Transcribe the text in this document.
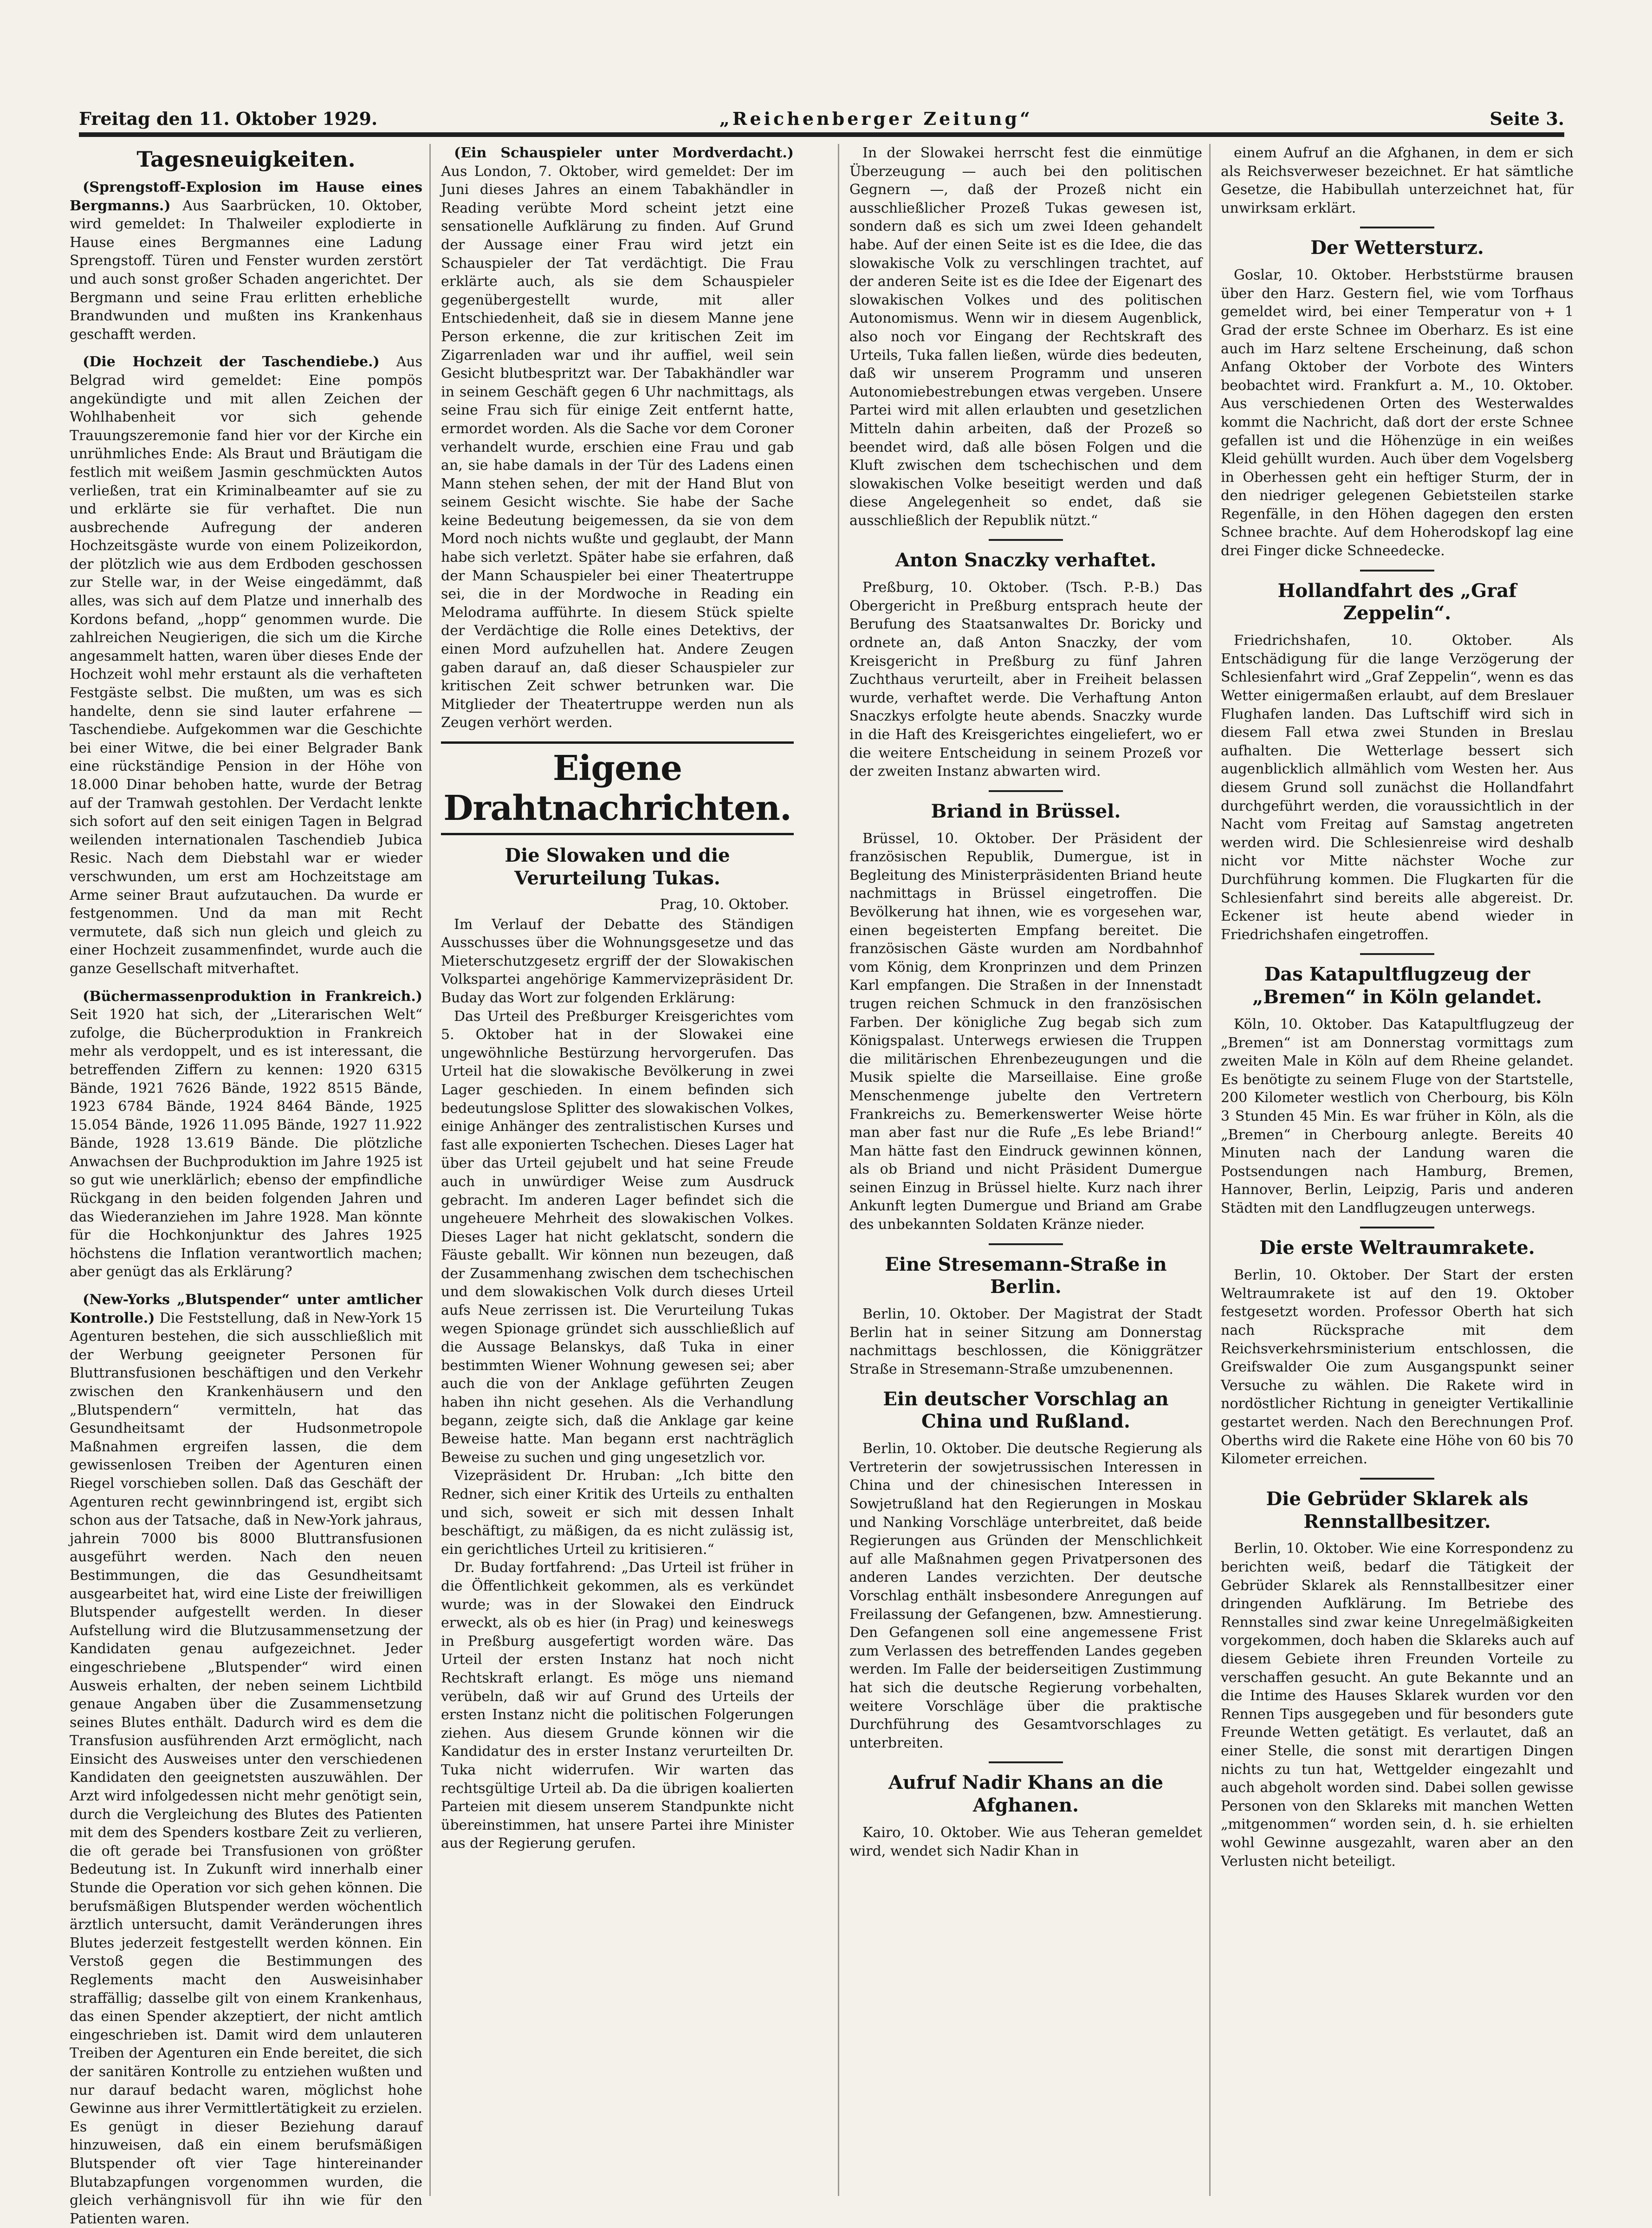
Freitag den 11. Oktober 1929.	„Reichenberger Zeitung“	Seite 3.
Tagesneuigkeiten.

(Sprengstoff-Explosion im Hause eines Bergmanns.) Aus Saarbrücken, 10. Oktober, wird gemeldet: In Thalweiler explodierte in Hause eines Bergmannes eine Ladung Sprengstoff. Türen und Fenster wurden zerstört und auch sonst großer Schaden angerichtet. Der Bergmann und seine Frau erlitten erhebliche Brandwunden und mußten ins Krankenhaus geschafft werden.

(Die Hochzeit der Taschendiebe.) Aus Belgrad wird gemeldet: Eine pompös angekündigte und mit allen Zeichen der Wohlhabenheit vor sich gehende Trauungszeremonie fand hier vor der Kirche ein unrühmliches Ende: Als Braut und Bräutigam die festlich mit weißem Jasmin geschmückten Autos verließen, trat ein Kriminalbeamter auf sie zu und erklärte sie für verhaftet. Die nun ausbrechende Aufregung der anderen Hochzeitsgäste wurde von einem Polizeikordon, der plötzlich wie aus dem Erdboden geschossen zur Stelle war, in der Weise eingedämmt, daß alles, was sich auf dem Platze und innerhalb des Kordons befand, „hopp“ genommen wurde. Die zahlreichen Neugierigen, die sich um die Kirche angesammelt hatten, waren über dieses Ende der Hochzeit wohl mehr erstaunt als die verhafteten Festgäste selbst. Die mußten, um was es sich handelte, denn sie sind lauter erfahrene — Taschendiebe. Aufgekommen war die Geschichte bei einer Witwe, die bei einer Belgrader Bank eine rückständige Pension in der Höhe von 18.000 Dinar behoben hatte, wurde der Betrag auf der Tramwah gestohlen. Der Verdacht lenkte sich sofort auf den seit einigen Tagen in Belgrad weilenden internationalen Taschendieb Jubica Resic. Nach dem Diebstahl war er wieder verschwunden, um erst am Hochzeitstage am Arme seiner Braut aufzutauchen. Da wurde er festgenommen. Und da man mit Recht vermutete, daß sich nun gleich und gleich zu einer Hochzeit zusammenfindet, wurde auch die ganze Gesellschaft mitverhaftet.

(Büchermassenproduktion in Frankreich.) Seit 1920 hat sich, der „Literarischen Welt“ zufolge, die Bücherproduktion in Frankreich mehr als verdoppelt, und es ist interessant, die betreffenden Ziffern zu kennen: 1920 6315 Bände, 1921 7626 Bände, 1922 8515 Bände, 1923 6784 Bände, 1924 8464 Bände, 1925 15.054 Bände, 1926 11.095 Bände, 1927 11.922 Bände, 1928 13.619 Bände. Die plötzliche Anwachsen der Buchproduktion im Jahre 1925 ist so gut wie unerklärlich; ebenso der empfindliche Rückgang in den beiden folgenden Jahren und das Wiederanziehen im Jahre 1928. Man könnte für die Hochkonjunktur des Jahres 1925 höchstens die Inflation verantwortlich machen; aber genügt das als Erklärung?

(New-Yorks „Blutspender“ unter amtlicher Kontrolle.) Die Feststellung, daß in New-York 15 Agenturen bestehen, die sich ausschließlich mit der Werbung geeigneter Personen für Bluttransfusionen beschäftigen und den Verkehr zwischen den Krankenhäusern und den „Blutspendern“ vermitteln, hat das Gesundheitsamt der Hudsonmetropole Maßnahmen ergreifen lassen, die dem gewissenlosen Treiben der Agenturen einen Riegel vorschieben sollen. Daß das Geschäft der Agenturen recht gewinnbringend ist, ergibt sich schon aus der Tatsache, daß in New-York jahraus, jahrein 7000 bis 8000 Bluttransfusionen ausgeführt werden. Nach den neuen Bestimmungen, die das Gesundheitsamt ausgearbeitet hat, wird eine Liste der freiwilligen Blutspender aufgestellt werden. In dieser Aufstellung wird die Blutzusammensetzung der Kandidaten genau aufgezeichnet. Jeder eingeschriebene „Blutspender“ wird einen Ausweis erhalten, der neben seinem Lichtbild genaue Angaben über die Zusammensetzung seines Blutes enthält. Dadurch wird es dem die Transfusion ausführenden Arzt ermöglicht, nach Einsicht des Ausweises unter den verschiedenen Kandidaten den geeignetsten auszuwählen. Der Arzt wird infolgedessen nicht mehr genötigt sein, durch die Vergleichung des Blutes des Patienten mit dem des Spenders kostbare Zeit zu verlieren, die oft gerade bei Transfusionen von größter Bedeutung ist. In Zukunft wird innerhalb einer Stunde die Operation vor sich gehen können. Die berufsmäßigen Blutspender werden wöchentlich ärztlich untersucht, damit Veränderungen ihres Blutes jederzeit festgestellt werden können. Ein Verstoß gegen die Bestimmungen des Reglements macht den Ausweisinhaber straffällig; dasselbe gilt von einem Krankenhaus, das einen Spender akzeptiert, der nicht amtlich eingeschrieben ist. Damit wird dem unlauteren Treiben der Agenturen ein Ende bereitet, die sich der sanitären Kontrolle zu entziehen wußten und nur darauf bedacht waren, möglichst hohe Gewinne aus ihrer Vermittlertätigkeit zu erzielen. Es genügt in dieser Beziehung darauf hinzuweisen, daß ein einem berufsmäßigen Blutspender oft vier Tage hintereinander Blutabzapfungen vorgenommen wurden, die gleich verhängnisvoll für ihn wie für den Patienten waren.

(Ein Schauspieler unter Mordverdacht.) Aus London, 7. Oktober, wird gemeldet: Der im Juni dieses Jahres an einem Tabakhändler in Reading verübte Mord scheint jetzt eine sensationelle Aufklärung zu finden. Auf Grund der Aussage einer Frau wird jetzt ein Schauspieler der Tat verdächtigt. Die Frau erklärte auch, als sie dem Schauspieler gegenübergestellt wurde, mit aller Entschiedenheit, daß sie in diesem Manne jene Person erkenne, die zur kritischen Zeit im Zigarrenladen war und ihr auffiel, weil sein Gesicht blutbespritzt war. Der Tabakhändler war in seinem Geschäft gegen 6 Uhr nachmittags, als seine Frau sich für einige Zeit entfernt hatte, ermordet worden. Als die Sache vor dem Coroner verhandelt wurde, erschien eine Frau und gab an, sie habe damals in der Tür des Ladens einen Mann stehen sehen, der mit der Hand Blut von seinem Gesicht wischte. Sie habe der Sache keine Bedeutung beigemessen, da sie von dem Mord noch nichts wußte und geglaubt, der Mann habe sich verletzt. Später habe sie erfahren, daß der Mann Schauspieler bei einer Theatertruppe sei, die in der Mordwoche in Reading ein Melodrama aufführte. In diesem Stück spielte der Verdächtige die Rolle eines Detektivs, der einen Mord aufzuhellen hat. Andere Zeugen gaben darauf an, daß dieser Schauspieler zur kritischen Zeit schwer betrunken war. Die Mitglieder der Theatertruppe werden nun als Zeugen verhört werden.

Eigene Drahtnachrichten.
Die Slowaken und die Verurteilung Tukas.
Prag, 10. Oktober.

Im Verlauf der Debatte des Ständigen Ausschusses über die Wohnungsgesetze und das Mieterschutzgesetz ergriff der der Slowakischen Volkspartei angehörige Kammervizepräsident Dr. Buday das Wort zur folgenden Erklärung:

Das Urteil des Preßburger Kreisgerichtes vom 5. Oktober hat in der Slowakei eine ungewöhnliche Bestürzung hervorgerufen. Das Urteil hat die slowakische Bevölkerung in zwei Lager geschieden. In einem befinden sich bedeutungslose Splitter des slowakischen Volkes, einige Anhänger des zentralistischen Kurses und fast alle exponierten Tschechen. Dieses Lager hat über das Urteil gejubelt und hat seine Freude auch in unwürdiger Weise zum Ausdruck gebracht. Im anderen Lager befindet sich die ungeheuere Mehrheit des slowakischen Volkes. Dieses Lager hat nicht geklatscht, sondern die Fäuste geballt. Wir können nun bezeugen, daß der Zusammenhang zwischen dem tschechischen und dem slowakischen Volk durch dieses Urteil aufs Neue zerrissen ist. Die Verurteilung Tukas wegen Spionage gründet sich ausschließlich auf die Aussage Belanskys, daß Tuka in einer bestimmten Wiener Wohnung gewesen sei; aber auch die von der Anklage geführten Zeugen haben ihn nicht gesehen. Als die Verhandlung begann, zeigte sich, daß die Anklage gar keine Beweise hatte. Man begann erst nachträglich Beweise zu suchen und ging ungesetzlich vor.

Vizepräsident Dr. Hruban: „Ich bitte den Redner, sich einer Kritik des Urteils zu enthalten und sich, soweit er sich mit dessen Inhalt beschäftigt, zu mäßigen, da es nicht zulässig ist, ein gerichtliches Urteil zu kritisieren.“

Dr. Buday fortfahrend: „Das Urteil ist früher in die Öffentlichkeit gekommen, als es verkündet wurde; was in der Slowakei den Eindruck erweckt, als ob es hier (in Prag) und keineswegs in Preßburg ausgefertigt worden wäre. Das Urteil der ersten Instanz hat noch nicht Rechtskraft erlangt. Es möge uns niemand verübeln, daß wir auf Grund des Urteils der ersten Instanz nicht die politischen Folgerungen ziehen. Aus diesem Grunde können wir die Kandidatur des in erster Instanz verurteilten Dr. Tuka nicht widerrufen. Wir warten das rechtsgültige Urteil ab. Da die übrigen koalierten Parteien mit diesem unserem Standpunkte nicht übereinstimmen, hat unsere Partei ihre Minister aus der Regierung gerufen.

In der Slowakei herrscht fest die einmütige Überzeugung — auch bei den politischen Gegnern —, daß der Prozeß nicht ein ausschließlicher Prozeß Tukas gewesen ist, sondern daß es sich um zwei Ideen gehandelt habe. Auf der einen Seite ist es die Idee, die das slowakische Volk zu verschlingen trachtet, auf der anderen Seite ist es die Idee der Eigenart des slowakischen Volkes und des politischen Autonomismus. Wenn wir in diesem Augenblick, also noch vor Eingang der Rechtskraft des Urteils, Tuka fallen ließen, würde dies bedeuten, daß wir unserem Programm und unseren Autonomiebestrebungen etwas vergeben. Unsere Partei wird mit allen erlaubten und gesetzlichen Mitteln dahin arbeiten, daß der Prozeß so beendet wird, daß alle bösen Folgen und die Kluft zwischen dem tschechischen und dem slowakischen Volke beseitigt werden und daß diese Angelegenheit so endet, daß sie ausschließlich der Republik nützt.“

Anton Snaczky verhaftet.

Preßburg, 10. Oktober. (Tsch. P.-B.) Das Obergericht in Preßburg entsprach heute der Berufung des Staatsanwaltes Dr. Boricky und ordnete an, daß Anton Snaczky, der vom Kreisgericht in Preßburg zu fünf Jahren Zuchthaus verurteilt, aber in Freiheit belassen wurde, verhaftet werde. Die Verhaftung Anton Snaczkys erfolgte heute abends. Snaczky wurde in die Haft des Kreisgerichtes eingeliefert, wo er die weitere Entscheidung in seinem Prozeß vor der zweiten Instanz abwarten wird.

Briand in Brüssel.

Brüssel, 10. Oktober. Der Präsident der französischen Republik, Dumergue, ist in Begleitung des Ministerpräsidenten Briand heute nachmittags in Brüssel eingetroffen. Die Bevölkerung hat ihnen, wie es vorgesehen war, einen begeisterten Empfang bereitet. Die französischen Gäste wurden am Nordbahnhof vom König, dem Kronprinzen und dem Prinzen Karl empfangen. Die Straßen in der Innenstadt trugen reichen Schmuck in den französischen Farben. Der königliche Zug begab sich zum Königspalast. Unterwegs erwiesen die Truppen die militärischen Ehrenbezeugungen und die Musik spielte die Marseillaise. Eine große Menschenmenge jubelte den Vertretern Frankreichs zu. Bemerkenswerter Weise hörte man aber fast nur die Rufe „Es lebe Briand!“ Man hätte fast den Eindruck gewinnen können, als ob Briand und nicht Präsident Dumergue seinen Einzug in Brüssel hielte. Kurz nach ihrer Ankunft legten Dumergue und Briand am Grabe des unbekannten Soldaten Kränze nieder.

Eine Stresemann-Straße in Berlin.

Berlin, 10. Oktober. Der Magistrat der Stadt Berlin hat in seiner Sitzung am Donnerstag nachmittags beschlossen, die Königgrätzer Straße in Stresemann-Straße umzubenennen.

Ein deutscher Vorschlag an China und Rußland.

Berlin, 10. Oktober. Die deutsche Regierung als Vertreterin der sowjetrussischen Interessen in China und der chinesischen Interessen in Sowjetrußland hat den Regierungen in Moskau und Nanking Vorschläge unterbreitet, daß beide Regierungen aus Gründen der Menschlichkeit auf alle Maßnahmen gegen Privatpersonen des anderen Landes verzichten. Der deutsche Vorschlag enthält insbesondere Anregungen auf Freilassung der Gefangenen, bzw. Amnestierung. Den Gefangenen soll eine angemessene Frist zum Verlassen des betreffenden Landes gegeben werden. Im Falle der beiderseitigen Zustimmung hat sich die deutsche Regierung vorbehalten, weitere Vorschläge über die praktische Durchführung des Gesamtvorschlages zu unterbreiten.

Aufruf Nadir Khans an die Afghanen.

Kairo, 10. Oktober. Wie aus Teheran gemeldet wird, wendet sich Nadir Khan in

einem Aufruf an die Afghanen, in dem er sich als Reichsverweser bezeichnet. Er hat sämtliche Gesetze, die Habibullah unterzeichnet hat, für unwirksam erklärt.

Der Wettersturz.

Goslar, 10. Oktober. Herbststürme brausen über den Harz. Gestern fiel, wie vom Torfhaus gemeldet wird, bei einer Temperatur von + 1 Grad der erste Schnee im Oberharz. Es ist eine auch im Harz seltene Erscheinung, daß schon Anfang Oktober der Vorbote des Winters beobachtet wird. Frankfurt a. M., 10. Oktober. Aus verschiedenen Orten des Westerwaldes kommt die Nachricht, daß dort der erste Schnee gefallen ist und die Höhenzüge in ein weißes Kleid gehüllt wurden. Auch über dem Vogelsberg in Oberhessen geht ein heftiger Sturm, der in den niedriger gelegenen Gebietsteilen starke Regenfälle, in den Höhen dagegen den ersten Schnee brachte. Auf dem Hoherodskopf lag eine drei Finger dicke Schneedecke.

Hollandfahrt des „Graf Zeppelin“.

Friedrichshafen, 10. Oktober. Als Entschädigung für die lange Verzögerung der Schlesienfahrt wird „Graf Zeppelin“, wenn es das Wetter einigermaßen erlaubt, auf dem Breslauer Flughafen landen. Das Luftschiff wird sich in diesem Fall etwa zwei Stunden in Breslau aufhalten. Die Wetterlage bessert sich augenblicklich allmählich vom Westen her. Aus diesem Grund soll zunächst die Hollandfahrt durchgeführt werden, die voraussichtlich in der Nacht vom Freitag auf Samstag angetreten werden wird. Die Schlesienreise wird deshalb nicht vor Mitte nächster Woche zur Durchführung kommen. Die Flugkarten für die Schlesienfahrt sind bereits alle abgereist. Dr. Eckener ist heute abend wieder in Friedrichshafen eingetroffen.

Das Katapultflugzeug der „Bremen“ in Köln gelandet.

Köln, 10. Oktober. Das Katapultflugzeug der „Bremen“ ist am Donnerstag vormittags zum zweiten Male in Köln auf dem Rheine gelandet. Es benötigte zu seinem Fluge von der Startstelle, 200 Kilometer westlich von Cherbourg, bis Köln 3 Stunden 45 Min. Es war früher in Köln, als die „Bremen“ in Cherbourg anlegte. Bereits 40 Minuten nach der Landung waren die Postsendungen nach Hamburg, Bremen, Hannover, Berlin, Leipzig, Paris und anderen Städten mit den Landflugzeugen unterwegs.

Die erste Weltraumrakete.

Berlin, 10. Oktober. Der Start der ersten Weltraumrakete ist auf den 19. Oktober festgesetzt worden. Professor Oberth hat sich nach Rücksprache mit dem Reichsverkehrsministerium entschlossen, die Greifswalder Oie zum Ausgangspunkt seiner Versuche zu wählen. Die Rakete wird in nordöstlicher Richtung in geneigter Vertikallinie gestartet werden. Nach den Berechnungen Prof. Oberths wird die Rakete eine Höhe von 60 bis 70 Kilometer erreichen.

Die Gebrüder Sklarek als Rennstallbesitzer.

Berlin, 10. Oktober. Wie eine Korrespondenz zu berichten weiß, bedarf die Tätigkeit der Gebrüder Sklarek als Rennstallbesitzer einer dringenden Aufklärung. Im Betriebe des Rennstalles sind zwar keine Unregelmäßigkeiten vorgekommen, doch haben die Sklareks auch auf diesem Gebiete ihren Freunden Vorteile zu verschaffen gesucht. An gute Bekannte und an die Intime des Hauses Sklarek wurden vor den Rennen Tips ausgegeben und für besonders gute Freunde Wetten getätigt. Es verlautet, daß an einer Stelle, die sonst mit derartigen Dingen nichts zu tun hat, Wettgelder eingezahlt und auch abgeholt worden sind. Dabei sollen gewisse Personen von den Sklareks mit manchen Wetten „mitgenommen“ worden sein, d. h. sie erhielten wohl Gewinne ausgezahlt, waren aber an den Verlusten nicht beteiligt.
